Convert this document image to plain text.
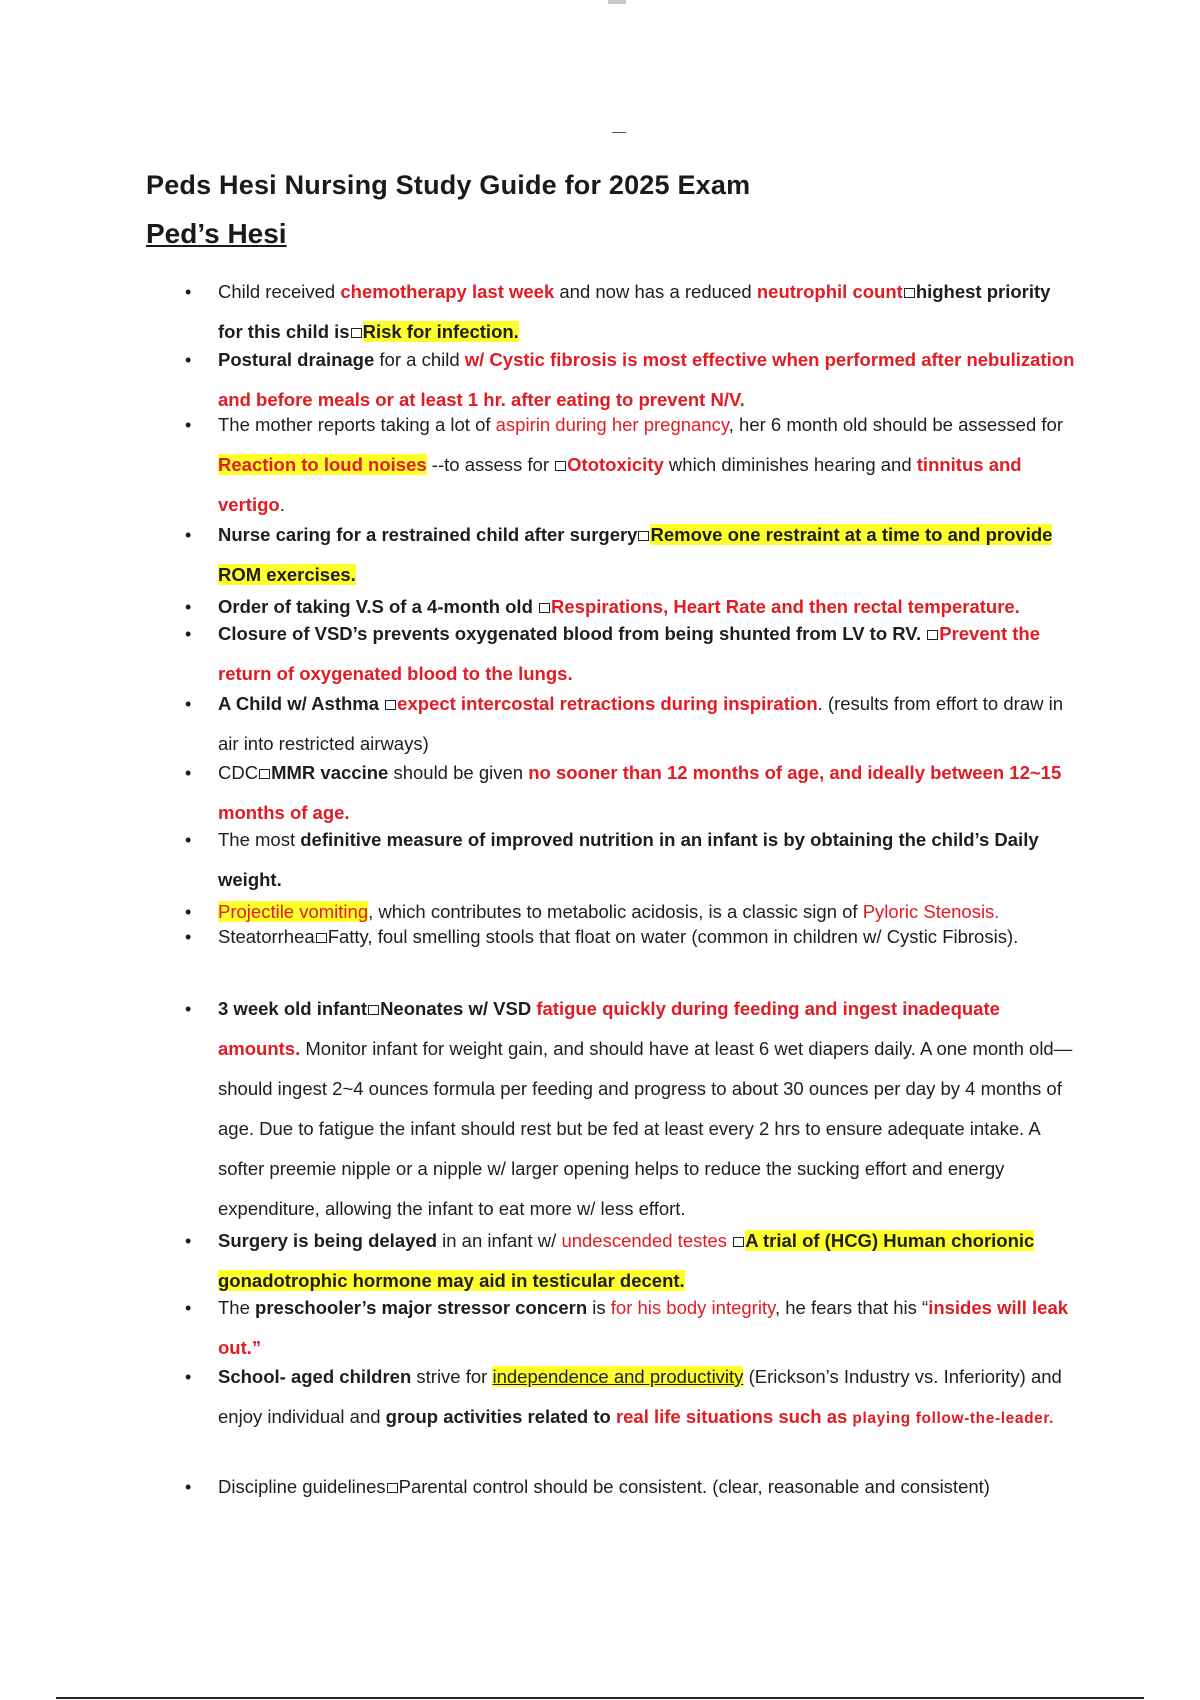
Peds Hesi Nursing Study Guide for 2025 Exam
Ped’s Hesi
• Child received chemotherapy last week and now has a reduced neutrophil count highest priority for this child is Risk for infection.
• Postural drainage for a child w/ Cystic fibrosis is most effective when performed after nebulization and before meals or at least 1 hr. after eating to prevent N/V.
• The mother reports taking a lot of aspirin during her pregnancy, her 6 month old should be assessed for Reaction to loud noises --to assess for Ototoxicity which diminishes hearing and tinnitus and vertigo.
• Nurse caring for a restrained child after surgery Remove one restraint at a time to and provide ROM exercises.
• Order of taking V.S of a 4-month old Respirations, Heart Rate and then rectal temperature.
• Closure of VSD’s prevents oxygenated blood from being shunted from LV to RV. Prevent the return of oxygenated blood to the lungs.
• A Child w/ Asthma expect intercostal retractions during inspiration. (results from effort to draw in air into restricted airways)
• CDC MMR vaccine should be given no sooner than 12 months of age, and ideally between 12~15 months of age.
• The most definitive measure of improved nutrition in an infant is by obtaining the child’s Daily weight.
• Projectile vomiting, which contributes to metabolic acidosis, is a classic sign of Pyloric Stenosis.
• Steatorrhea Fatty, foul smelling stools that float on water (common in children w/ Cystic Fibrosis).
• 3 week old infant Neonates w/ VSD fatigue quickly during feeding and ingest inadequate amounts. Monitor infant for weight gain, and should have at least 6 wet diapers daily. A one month old—should ingest 2~4 ounces formula per feeding and progress to about 30 ounces per day by 4 months of age. Due to fatigue the infant should rest but be fed at least every 2 hrs to ensure adequate intake. A softer preemie nipple or a nipple w/ larger opening helps to reduce the sucking effort and energy expenditure, allowing the infant to eat more w/ less effort.
• Surgery is being delayed in an infant w/ undescended testes A trial of (HCG) Human chorionic gonadotrophic hormone may aid in testicular decent.
• The preschooler’s major stressor concern is for his body integrity, he fears that his “insides will leak out.”
• School- aged children strive for independence and productivity (Erickson’s Industry vs. Inferiority) and enjoy individual and group activities related to real life situations such as playing follow-the-leader.
• Discipline guidelines Parental control should be consistent. (clear, reasonable and consistent)
